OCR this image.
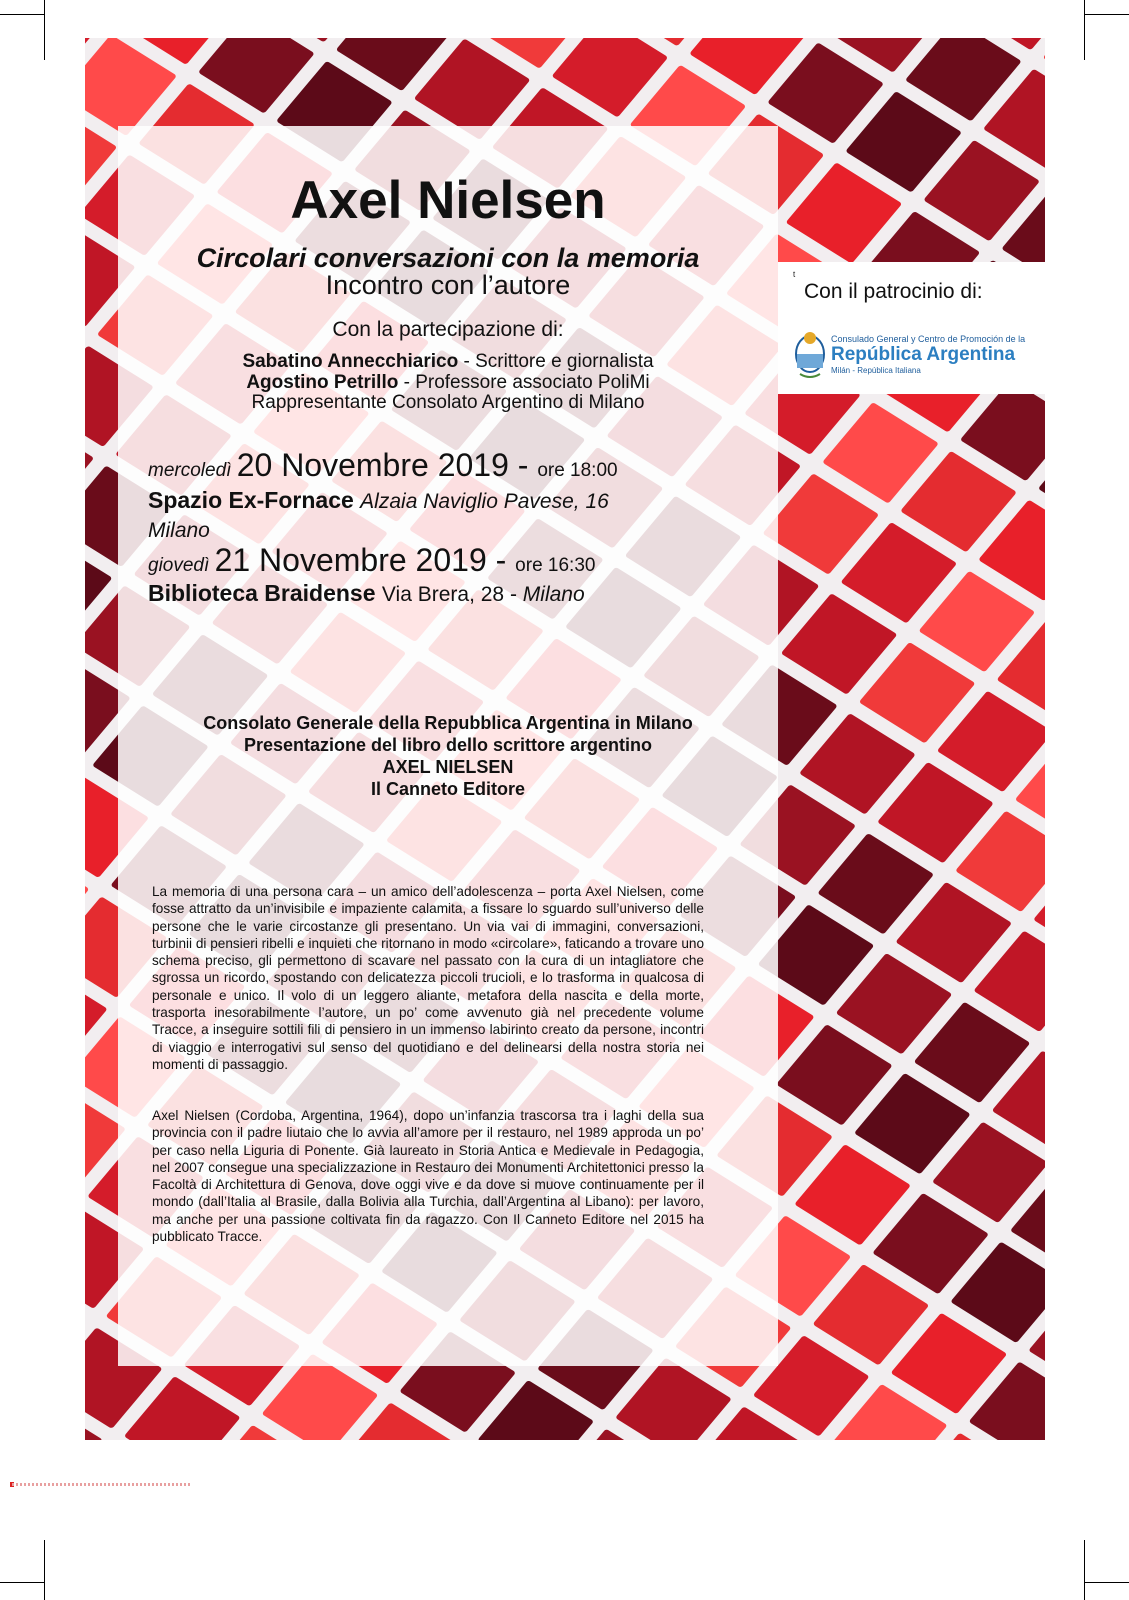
Axel Nielsen
Circolari conversazioni con la memoria
Incontro con l’autore
Con la partecipazione di:
Sabatino Annecchiarico - Scrittore e giornalista
Agostino Petrillo - Professore associato PoliMi
Rappresentante Consolato Argentino di Milano
mercoledì 20 Novembre 2019 - ore 18:00
Spazio Ex-Fornace Alzaia Naviglio Pavese, 16
Milano
giovedì 21 Novembre 2019 - ore 16:30
Biblioteca Braidense Via Brera, 28 - Milano
Consolato Generale della Repubblica Argentina in Milano
Presentazione del libro dello scrittore argentino
AXEL NIELSEN
Il Canneto Editore
La memoria di una persona cara – un amico dell’adolescenza – porta Axel Nielsen, come fosse attratto da un’invisibile e impaziente calamita, a fissare lo sguardo sull’universo delle persone che le varie circostanze gli presentano. Un via vai di immagini, conversazioni, turbinii di pensieri ribelli e inquieti che ritornano in modo «circolare», faticando a trovare uno schema preciso, gli permettono di scavare nel passato con la cura di un intagliatore che sgrossa un ricordo, spostando con delicatezza piccoli trucioli, e lo trasforma in qualcosa di personale e unico. Il volo di un leggero aliante, metafora della nascita e della morte, trasporta inesorabilmente l’autore, un po’ come avvenuto già nel precedente volume Tracce, a inseguire sottili fili di pensiero in un immenso labirinto creato da persone, incontri di viaggio e interrogativi sul senso del quotidiano e del delinearsi della nostra storia nei momenti di passaggio.
Axel Nielsen (Cordoba, Argentina, 1964), dopo un’infanzia trascorsa tra i laghi della sua provincia con il padre liutaio che lo avvia all’amore per il restauro, nel 1989 approda un po’ per caso nella Liguria di Ponente. Già laureato in Storia Antica e Medievale in Pedagogia, nel 2007 consegue una specializzazione in Restauro dei Monumenti Architettonici presso la Facoltà di Architettura di Genova, dove oggi vive e da dove si muove continuamente per il mondo (dall’Italia al Brasile, dalla Bolivia alla Turchia, dall’Argentina al Libano): per lavoro, ma anche per una passione coltivata fin da ragazzo. Con Il Canneto Editore nel 2015 ha pubblicato Tracce.
t
Con il patrocinio di:
Consulado General y Centro de Promoción de la
República Argentina
Milán - República Italiana
